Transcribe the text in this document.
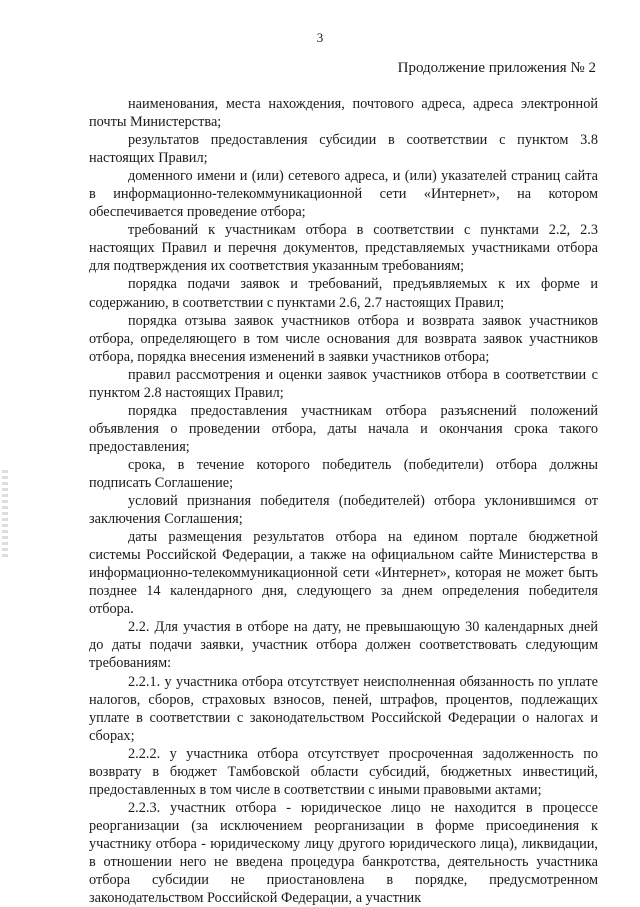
3
Продолжение приложения № 2

наименования, места нахождения, почтового адреса, адреса электронной почты Министерства;

результатов предоставления субсидии в соответствии с пунктом 3.8 настоящих Правил;

доменного имени и (или) сетевого адреса, и (или) указателей страниц сайта в информационно-телекоммуникационной сети «Интернет», на котором обеспечивается проведение отбора;

требований к участникам отбора в соответствии с пунктами 2.2, 2.3 настоящих Правил и перечня документов, представляемых участниками отбора для подтверждения их соответствия указанным требованиям;

порядка подачи заявок и требований, предъявляемых к их форме и содержанию, в соответствии с пунктами 2.6, 2.7 настоящих Правил;

порядка отзыва заявок участников отбора и возврата заявок участников отбора, определяющего в том числе основания для возврата заявок участников отбора, порядка внесения изменений в заявки участников отбора;

правил рассмотрения и оценки заявок участников отбора в соответствии с пунктом 2.8 настоящих Правил;

порядка предоставления участникам отбора разъяснений положений объявления о проведении отбора, даты начала и окончания срока такого предоставления;

срока, в течение которого победитель (победители) отбора должны подписать Соглашение;

условий признания победителя (победителей) отбора уклонившимся от заключения Соглашения;

даты размещения результатов отбора на едином портале бюджетной системы Российской Федерации, а также на официальном сайте Министерства в информационно-телекоммуникационной сети «Интернет», которая не может быть позднее 14 календарного дня, следующего за днем определения победителя отбора.

2.2. Для участия в отборе на дату, не превышающую 30 календарных дней до даты подачи заявки, участник отбора должен соответствовать следующим требованиям:

2.2.1. у участника отбора отсутствует неисполненная обязанность по уплате налогов, сборов, страховых взносов, пеней, штрафов, процентов, подлежащих уплате в соответствии с законодательством Российской Федерации о налогах и сборах;

2.2.2. у участника отбора отсутствует просроченная задолженность по возврату в бюджет Тамбовской области субсидий, бюджетных инвестиций, предоставленных в том числе в соответствии с иными правовыми актами;

2.2.3. участник отбора - юридическое лицо не находится в процессе реорганизации (за исключением реорганизации в форме присоединения к участнику отбора - юридическому лицу другого юридического лица), ликвидации, в отношении него не введена процедура банкротства, деятельность участника отбора субсидии не приостановлена в порядке, предусмотренном законодательством Российской Федерации, а участник
